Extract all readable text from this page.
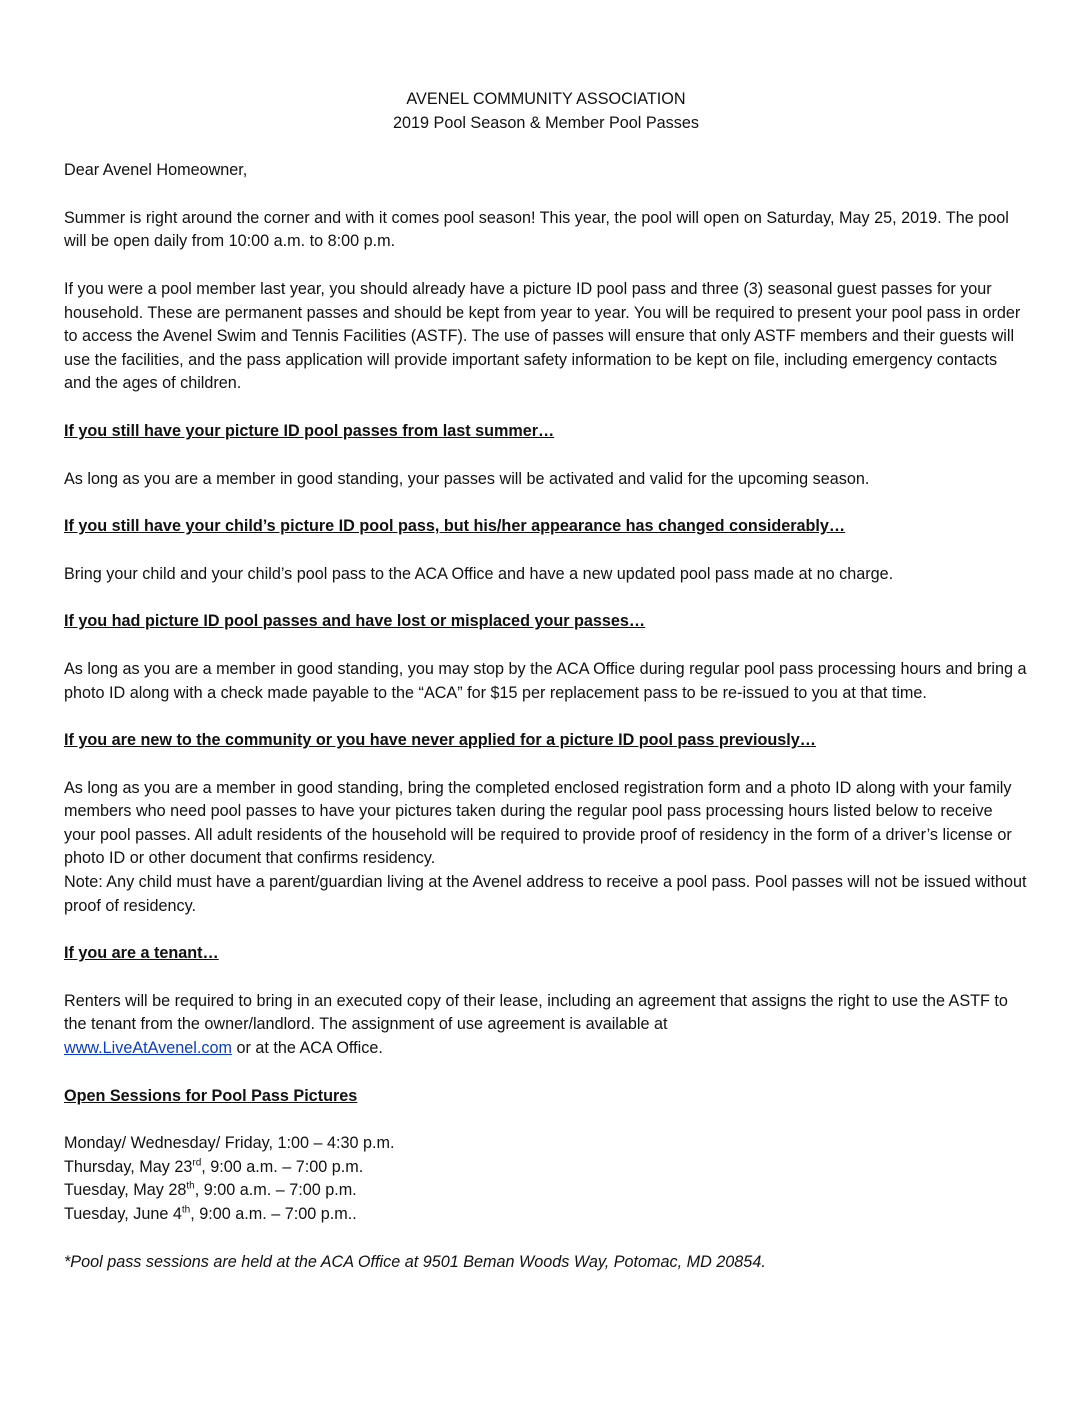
AVENEL COMMUNITY ASSOCIATION
2019 Pool Season & Member Pool Passes

Dear Avenel Homeowner,

Summer is right around the corner and with it comes pool season! This year, the pool will open on Saturday, May 25, 2019. The pool will be open daily from 10:00 a.m. to 8:00 p.m.

If you were a pool member last year, you should already have a picture ID pool pass and three (3) seasonal guest passes for your household. These are permanent passes and should be kept from year to year. You will be required to present your pool pass in order to access the Avenel Swim and Tennis Facilities (ASTF). The use of passes will ensure that only ASTF members and their guests will use the facilities, and the pass application will provide important safety information to be kept on file, including emergency contacts and the ages of children.

If you still have your picture ID pool passes from last summer…

As long as you are a member in good standing, your passes will be activated and valid for the upcoming season.

If you still have your child’s picture ID pool pass, but his/her appearance has changed considerably…

Bring your child and your child’s pool pass to the ACA Office and have a new updated pool pass made at no charge.

If you had picture ID pool passes and have lost or misplaced your passes…

As long as you are a member in good standing, you may stop by the ACA Office during regular pool pass processing hours and bring a photo ID along with a check made payable to the “ACA” for $15 per replacement pass to be re-issued to you at that time.

If you are new to the community or you have never applied for a picture ID pool pass previously…

As long as you are a member in good standing, bring the completed enclosed registration form and a photo ID along with your family members who need pool passes to have your pictures taken during the regular pool pass processing hours listed below to receive your pool passes. All adult residents of the household will be required to provide proof of residency in the form of a driver’s license or photo ID or other document that confirms residency.
Note: Any child must have a parent/guardian living at the Avenel address to receive a pool pass. Pool passes will not be issued without proof of residency.

If you are a tenant…

Renters will be required to bring in an executed copy of their lease, including an agreement that assigns the right to use the ASTF to the tenant from the owner/landlord. The assignment of use agreement is available at
www.LiveAtAvenel.com or at the ACA Office.

Open Sessions for Pool Pass Pictures

Monday/ Wednesday/ Friday, 1:00 – 4:30 p.m.
Thursday, May 23rd, 9:00 a.m. – 7:00 p.m.
Tuesday, May 28th, 9:00 a.m. – 7:00 p.m.
Tuesday, June 4th, 9:00 a.m. – 7:00 p.m..

*Pool pass sessions are held at the ACA Office at 9501 Beman Woods Way, Potomac, MD 20854.
